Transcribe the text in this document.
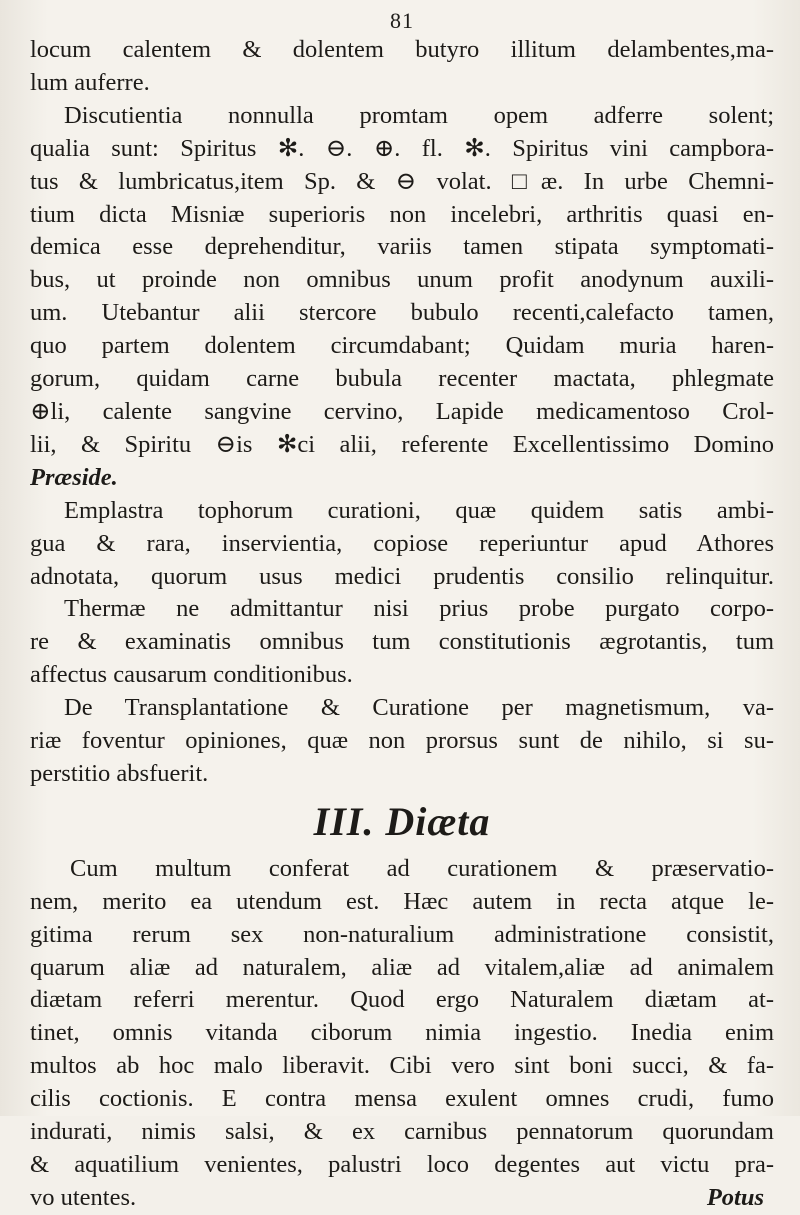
81
locum calentem & dolentem butyro illitum delambentes,ma-
lum auferre.
Discutientia nonnulla promtam opem adferre solent;
qualia sunt: Spiritus ✻. ⊖. ⊕. fl. ✻. Spiritus vini campbora-
tus & lumbricatus,item Sp. & ⊖ volat. □æ. In urbe Chemni-
tium dicta Misniæ superioris non incelebri, arthritis quasi en-
demica esse deprehenditur, variis tamen stipata symptomati-
bus, ut proinde non omnibus unum profit anodynum auxili-
um. Utebantur alii stercore bubulo recenti,calefacto tamen,
quo partem dolentem circumdabant; Quidam muria haren-
gorum, quidam carne bubula recenter mactata, phlegmate
⊕li, calente sangvine cervino, Lapide medicamentoso Crol-
lii, & Spiritu ⊖is ✻ci alii, referente Excellentissimo Domino
Præside.
Emplastra tophorum curationi, quæ quidem satis ambi-
gua & rara, inservientia, copiose reperiuntur apud Athores
adnotata, quorum usus medici prudentis consilio relinquitur.
Thermæ ne admittantur nisi prius probe purgato corpo-
re & examinatis omnibus tum constitutionis ægrotantis, tum
affectus causarum conditionibus.
De Transplantatione & Curatione per magnetismum, va-
riæ foventur opiniones, quæ non prorsus sunt de nihilo, si su-
perstitio absfuerit.
III. Diæta
Cum multum conferat ad curationem & præservatio-
nem, merito ea utendum est. Hæc autem in recta atque le-
gitima rerum sex non-naturalium administratione consistit,
quarum aliæ ad naturalem, aliæ ad vitalem,aliæ ad animalem
diætam referri merentur. Quod ergo Naturalem diætam at-
tinet, omnis vitanda ciborum nimia ingestio. Inedia enim
multos ab hoc malo liberavit. Cibi vero sint boni succi, & fa-
cilis coctionis. E contra mensa exulent omnes crudi, fumo
indurati, nimis salsi, & ex carnibus pennatorum quorundam
& aquatilium venientes, palustri loco degentes aut victu pra-
vo utentes.	Potus
